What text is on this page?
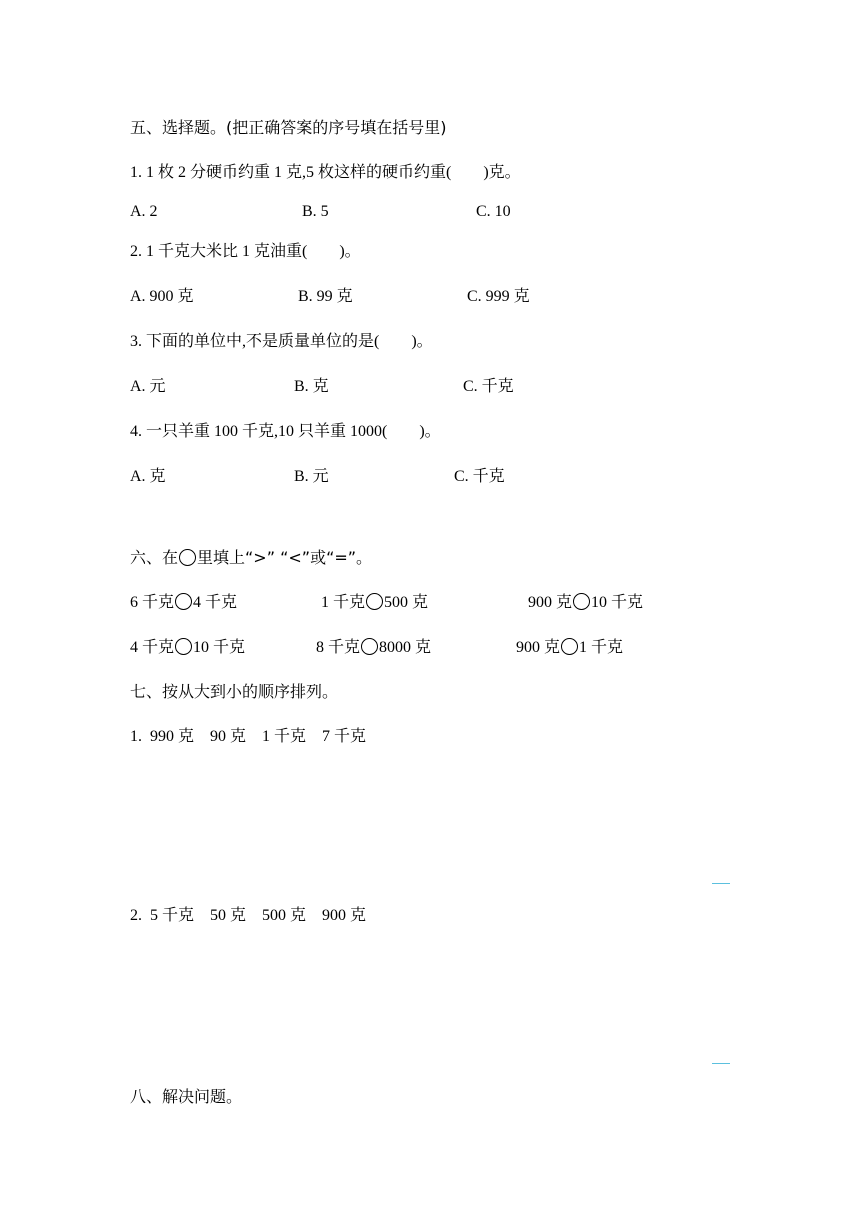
五、选择题。(把正确答案的序号填在括号里)
1. 1 枚 2 分硬币约重 1 克,5 枚这样的硬币约重(　　)克。
A. 2	B. 5	C. 10
2. 1 千克大米比 1 克油重(　　)。
A. 900 克	B. 99 克	C. 999 克
3. 下面的单位中,不是质量单位的是(　　)。
A. 元	B. 克	C. 千克
4. 一只羊重 100 千克,10 只羊重 1000(　　)。
A. 克	B. 元	C. 千克
六、在 里填上“>” “<”或“=”。
6 千克 4 千克	1 千克 500 克	900 克 10 千克
4 千克 10 千克	8 千克 8000 克	900 克 1 千克
七、按从大到小的顺序排列。
1.  990 克    90 克    1 千克    7 千克
2.  5 千克    50 克    500 克    900 克
八、解决问题。
